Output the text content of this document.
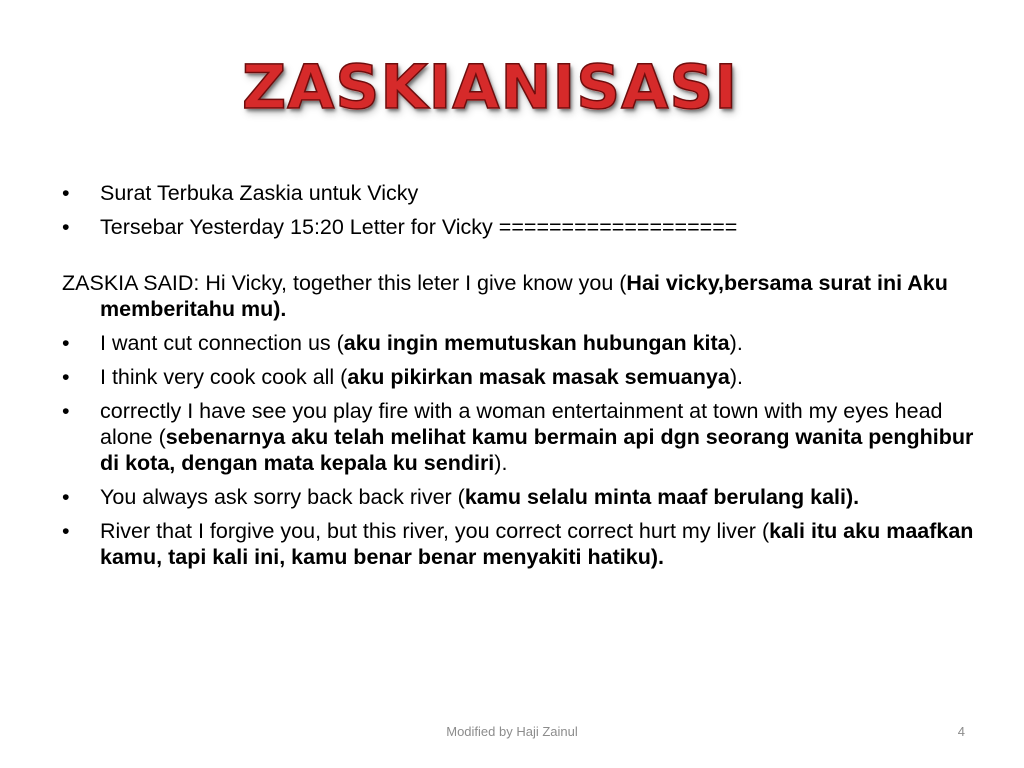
ZASKIANISASI
•	Surat Terbuka Zaskia untuk Vicky
•	Tersebar Yesterday 15:20 Letter for Vicky ===================
ZASKIA SAID: Hi Vicky, together this leter I give know you (Hai vicky,bersama surat ini Aku memberitahu mu).
•	I want cut connection us (aku ingin memutuskan hubungan kita).
•	I think very cook cook all (aku pikirkan masak masak semuanya).
•	correctly I have see you play fire with a woman entertainment at town with my eyes head alone (sebenarnya aku telah melihat kamu bermain api dgn seorang wanita penghibur di kota, dengan mata kepala ku sendiri).
•	You always ask sorry back back river (kamu selalu minta maaf berulang kali).
•	River that I forgive you, but this river, you correct correct hurt my liver (kali itu aku maafkan kamu, tapi kali ini, kamu benar benar menyakiti hatiku).
Modified by Haji Zainul	4
